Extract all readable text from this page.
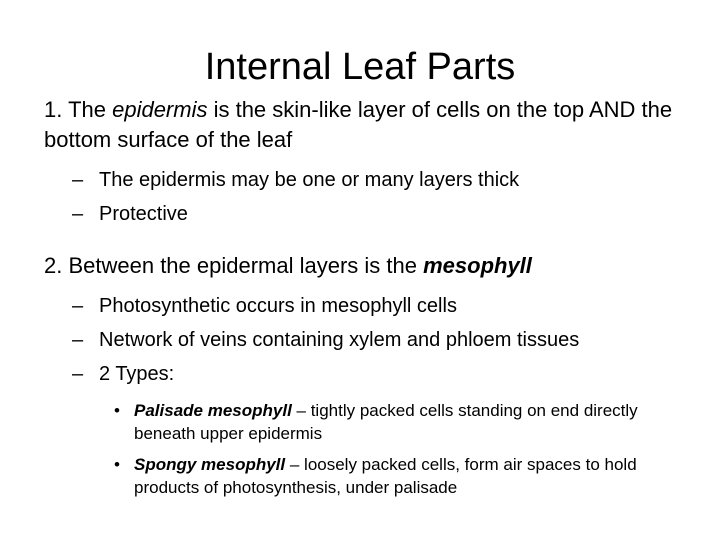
Internal Leaf Parts

1. The epidermis is the skin-like layer of cells on the top AND the bottom surface of the leaf

– The epidermis may be one or many layers thick

– Protective

2. Between the epidermal layers is the mesophyll

– Photosynthetic occurs in mesophyll cells

– Network of veins containing xylem and phloem tissues

– 2 Types:

• Palisade mesophyll – tightly packed cells standing on end directly beneath upper epidermis

• Spongy mesophyll – loosely packed cells, form air spaces to hold products of photosynthesis, under palisade
